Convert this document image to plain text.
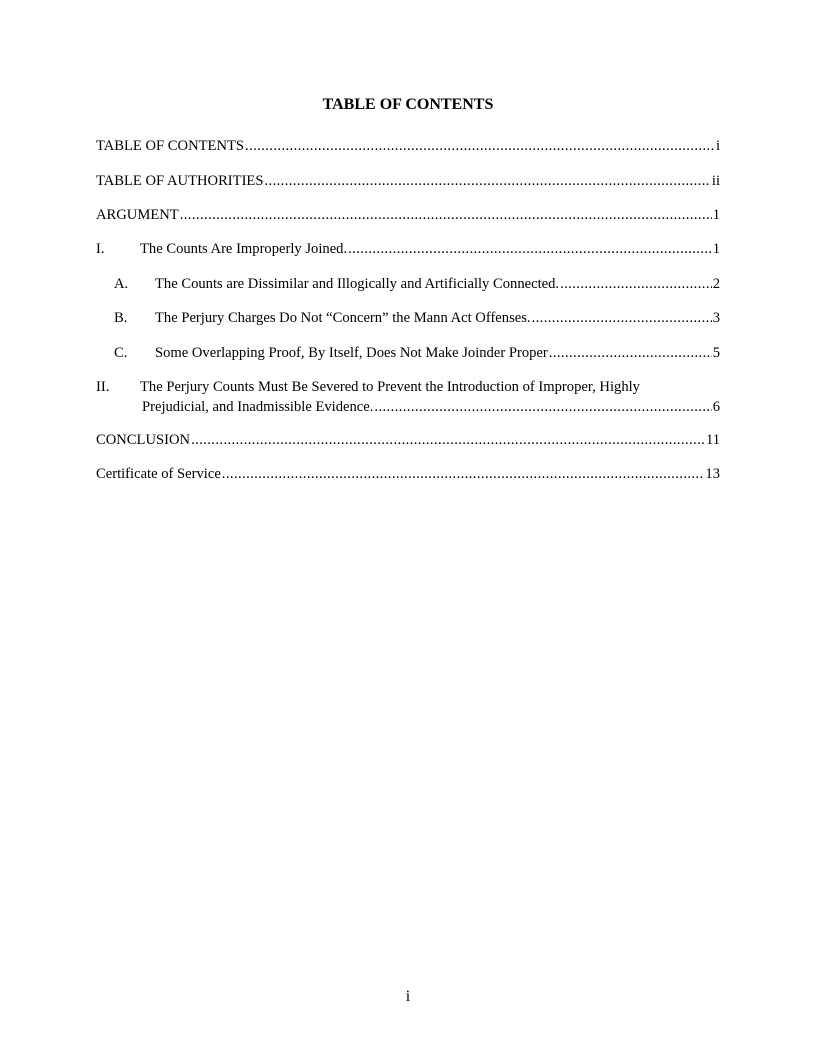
TABLE OF CONTENTS
TABLE OF CONTENTS .....	i
TABLE OF AUTHORITIES .....	ii
ARGUMENT .....	1
I.	The Counts Are Improperly Joined. .....	1
A.	The Counts are Dissimilar and Illogically and Artificially Connected. .....	2
B.	The Perjury Charges Do Not “Concern” the Mann Act Offenses. .....	3
C.	Some Overlapping Proof, By Itself, Does Not Make Joinder Proper .....	5
II.	The Perjury Counts Must Be Severed to Prevent the Introduction of Improper, Highly
Prejudicial, and Inadmissible Evidence. .....	6
CONCLUSION .....	11
Certificate of Service .....	13
i
